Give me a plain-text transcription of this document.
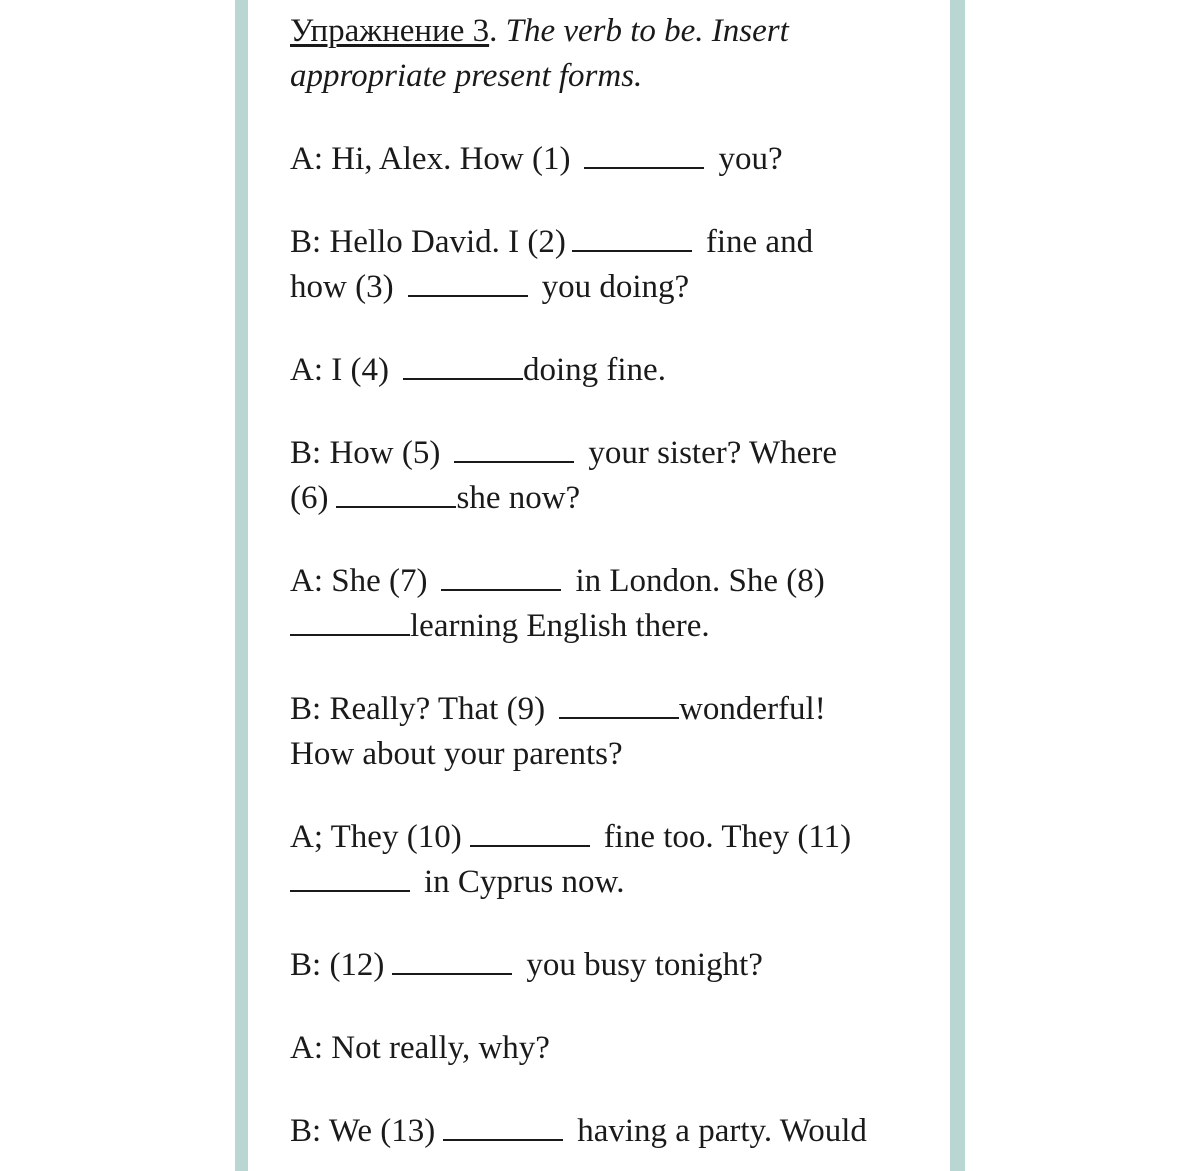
Упражнение 3. The verb to be. Insert
appropriate present forms.

A: Hi, Alex. How (1)	you?

B: Hello David. I (2)	fine and
how (3)	you doing?

A: I (4)	doing fine.

B: How (5)	your sister? Where
(6)	she now?

A: She (7)	in London. She (8)
learning English there.

B: Really? That (9)	wonderful!
How about your parents?

A; They (10)	fine too. They (11)
in Cyprus now.

B: (12)	you busy tonight?

A: Not really, why?

B: We (13)	having a party. Would
